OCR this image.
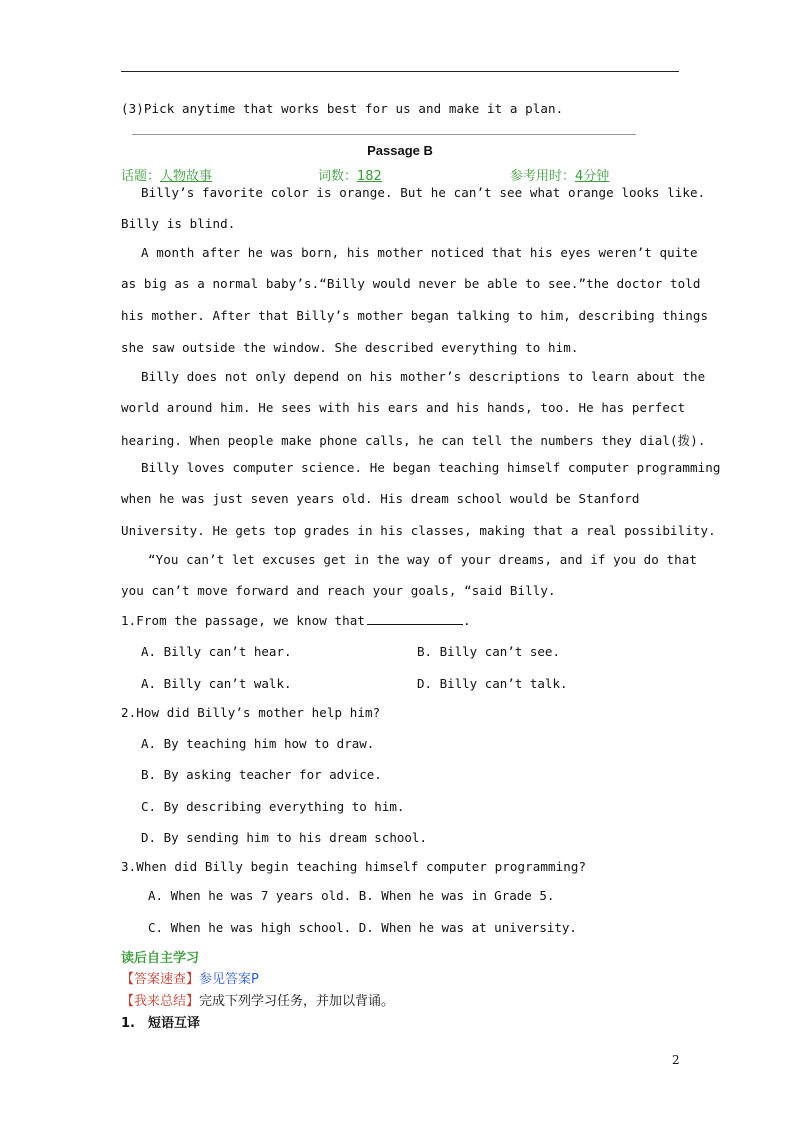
(3)Pick anytime that works best for us and make it a plan.
Passage B
话题：人物故事	词数：182	参考用时：4分钟
Billy’s favorite color is orange. But he can’t see what orange looks like.
Billy is blind.
A month after he was born, his mother noticed that his eyes weren’t quite
as big as a normal baby’s.“Billy would never be able to see.”the doctor told
his mother. After that Billy’s mother began talking to him, describing things
she saw outside the window. She described everything to him.
Billy does not only depend on his mother’s descriptions to learn about the
world around him. He sees with his ears and his hands, too. He has perfect
hearing. When people make phone calls, he can tell the numbers they dial(拨).
Billy loves computer science. He began teaching himself computer programming
when he was just seven years old. His dream school would be Stanford
University. He gets top grades in his classes, making that a real possibility.
“You can’t let excuses get in the way of your dreams, and if you do that
you can’t move forward and reach your goals, “said Billy.
1.From the passage, we know that	.
A. Billy can’t hear.	B. Billy can’t see.
A. Billy can’t walk.	D. Billy can’t talk.
2.How did Billy’s mother help him?
A. By teaching him how to draw.
B. By asking teacher for advice.
C. By describing everything to him.
D. By sending him to his dream school.
3.When did Billy begin teaching himself computer programming?
A. When he was 7 years old. B. When he was in Grade 5.
C. When he was high school. D. When he was at university.
读后自主学习
【答案速查】参见答案P
【我来总结】完成下列学习任务，并加以背诵。
1.　短语互译
2
